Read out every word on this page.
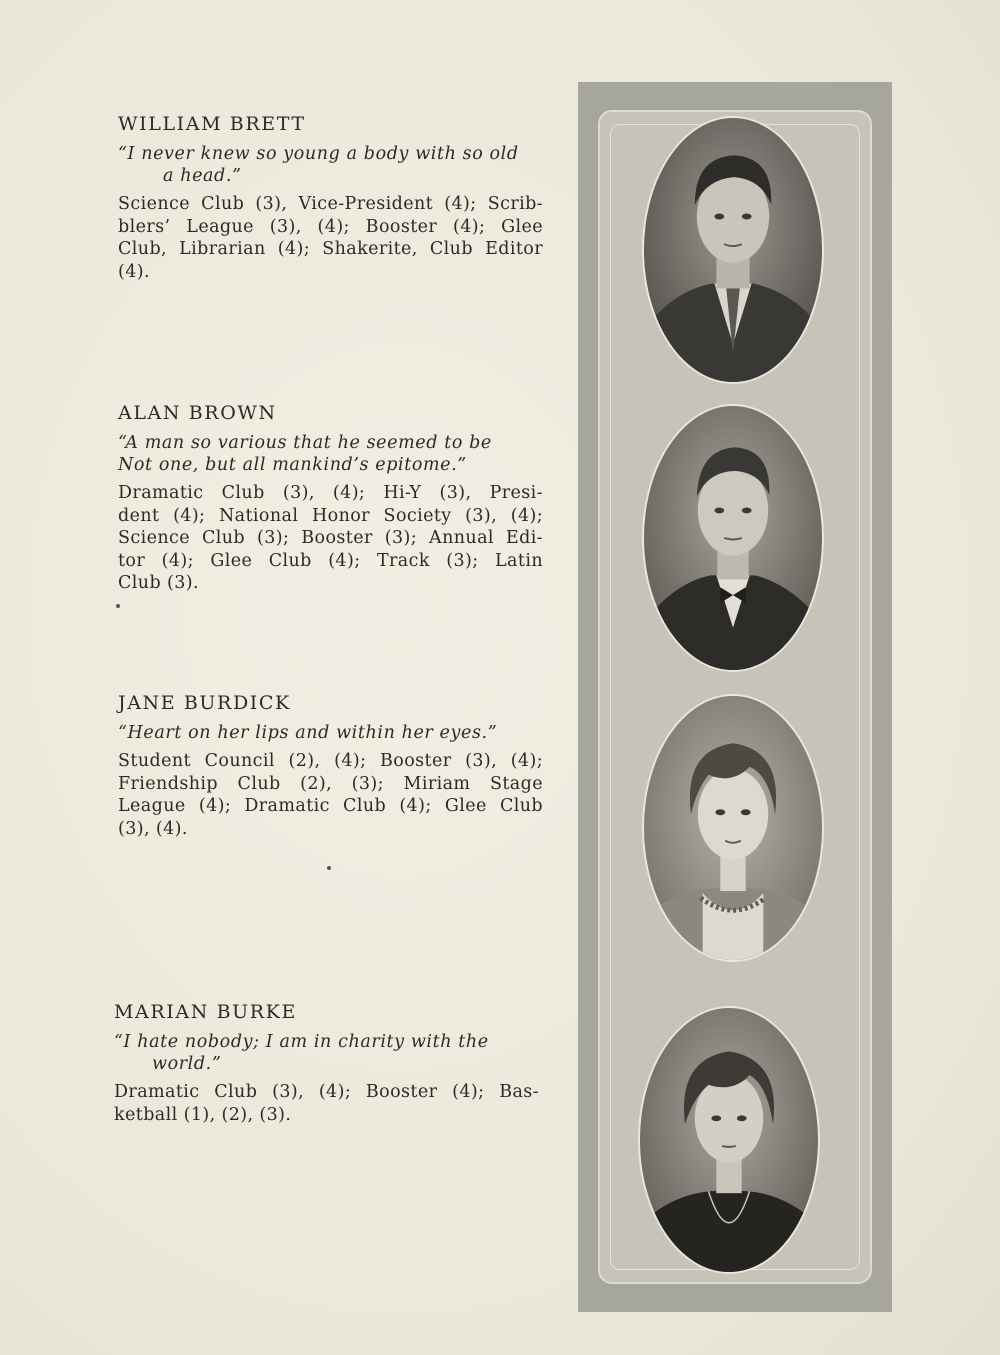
WILLIAM BRETT

“I never knew so young a body with so old
a head.”

Science Club (3), Vice-President (4); Scrib-
blers’ League (3), (4); Booster (4); Glee
Club, Librarian (4); Shakerite, Club Editor
(4).

ALAN BROWN

“A man so various that he seemed to be
Not one, but all mankind’s epitome.”

Dramatic Club (3), (4); Hi-Y (3), Presi-
dent (4); National Honor Society (3), (4);
Science Club (3); Booster (3); Annual Edi-
tor (4); Glee Club (4); Track (3); Latin
Club (3).

JANE BURDICK

“Heart on her lips and within her eyes.”

Student Council (2), (4); Booster (3), (4);
Friendship Club (2), (3); Miriam Stage
League (4); Dramatic Club (4); Glee Club
(3), (4).

MARIAN BURKE

“I hate nobody; I am in charity with the
world.”

Dramatic Club (3), (4); Booster (4); Bas-
ketball (1), (2), (3).
